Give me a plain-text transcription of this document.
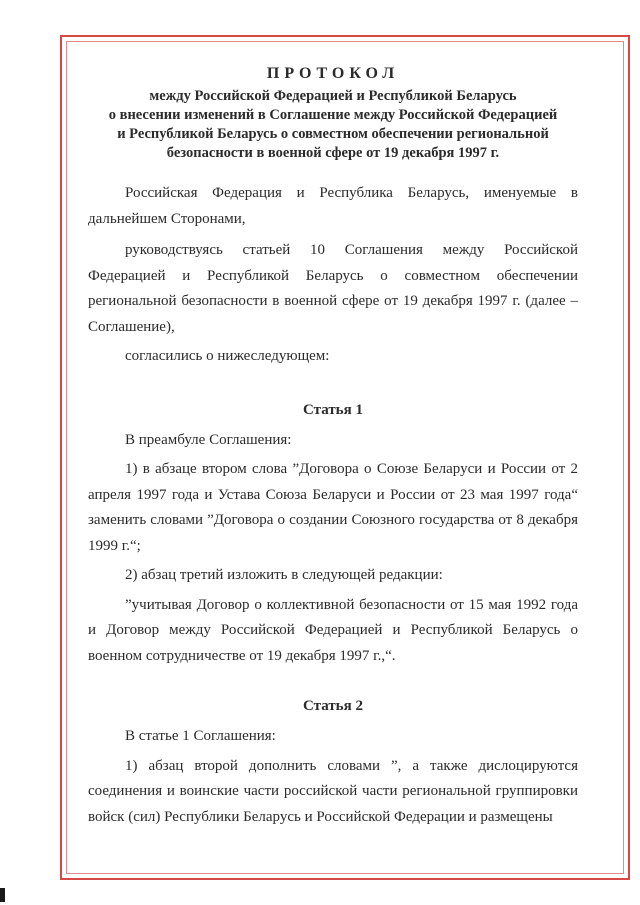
ПРОТОКОЛ
между Российской Федерацией и Республикой Беларусь
о внесении изменений в Соглашение между Российской Федерацией
и Республикой Беларусь о совместном обеспечении региональной
безопасности в военной сфере от 19 декабря 1997 г.

Российская Федерация и Республика Беларусь, именуемые в дальнейшем Сторонами,

руководствуясь статьей 10 Соглашения между Российской Федерацией и Республикой Беларусь о совместном обеспечении региональной безопасности в военной сфере от 19 декабря 1997 г. (далее – Соглашение),

согласились о нижеследующем:

Статья 1

В преамбуле Соглашения:

1) в абзаце втором слова ”Договора о Союзе Беларуси и России от 2 апреля 1997 года и Устава Союза Беларуси и России от 23 мая 1997 года“ заменить словами ”Договора о создании Союзного государства от 8 декабря 1999 г.“;

2) абзац третий изложить в следующей редакции:

”учитывая Договор о коллективной безопасности от 15 мая 1992 года и Договор между Российской Федерацией и Республикой Беларусь о военном сотрудничестве от 19 декабря 1997 г.,“.

Статья 2

В статье 1 Соглашения:

1) абзац второй дополнить словами ”, а также дислоцируются соединения и воинские части российской части региональной группировки войск (сил) Республики Беларусь и Российской Федерации и размещены
